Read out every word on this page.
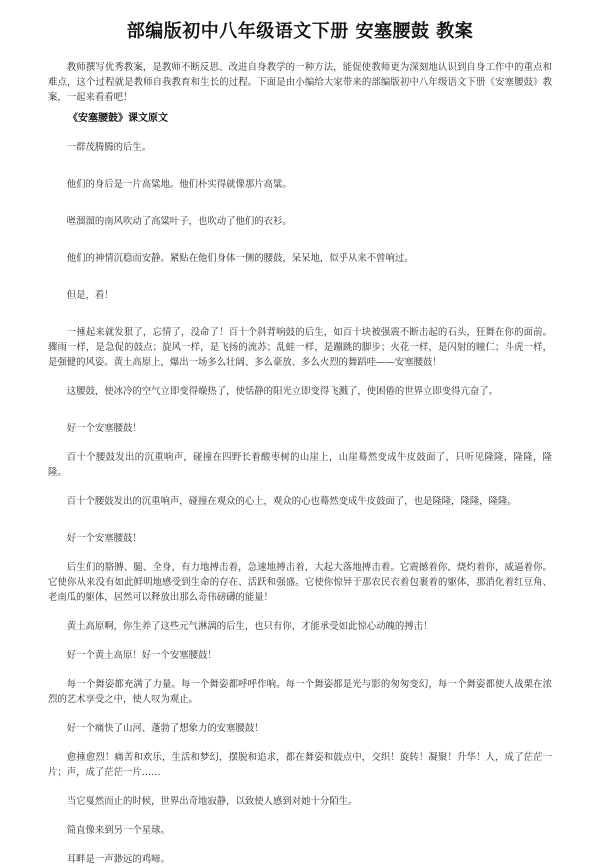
部编版初中八年级语文下册 安塞腰鼓 教案

教师撰写优秀教案，是教师不断反思、改进自身教学的一种方法，能促使教师更为深刻地认识到自身工作中的重点和难点，这个过程就是教师自我教育和生长的过程。下面是由小编给大家带来的部编版初中八年级语文下册《安塞腰鼓》教案，一起来看看吧！

《安塞腰鼓》课文原文

一群茂腾腾的后生。

他们的身后是一片高粱地。他们朴实得就像那片高粱。

咝溜溜的南风吹动了高粱叶子，也吹动了他们的衣衫。

他们的神情沉稳而安静。紧贴在他们身体一侧的腰鼓，呆呆地，似乎从来不曾响过。

但是，看！

一捶起来就发狠了，忘情了，没命了！百十个斜背响鼓的后生，如百十块被强震不断击起的石头，狂舞在你的面前。骤雨一样，是急促的鼓点；旋风一样，是飞扬的流苏；乱蛙一样，是蹦跳的脚步；火花一样，是闪射的瞳仁；斗虎一样，是强健的风姿。黄土高原上，爆出一场多么壮阔、多么豪放、多么火烈的舞蹈哇——安塞腰鼓！

这腰鼓，使冰冷的空气立即变得燥热了，使恬静的阳光立即变得飞溅了，使困倦的世界立即变得亢奋了。

好一个安塞腰鼓！

百十个腰鼓发出的沉重响声，碰撞在四野长着酸枣树的山崖上，山崖蓦然变成牛皮鼓面了，只听见隆隆，隆隆，隆隆。

百十个腰鼓发出的沉重响声，碰撞在观众的心上，观众的心也蓦然变成牛皮鼓面了，也是隆隆，隆隆，隆隆。

好一个安塞腰鼓！

后生们的胳膊、腿、全身，有力地搏击着，急速地搏击着，大起大落地搏击着。它震撼着你，烧灼着你，威逼着你。它使你从来没有如此鲜明地感受到生命的存在、活跃和强盛。它使你惊异于那农民衣着包裹着的躯体，那消化着红豆角、老南瓜的躯体，居然可以释放出那么奇伟磅礴的能量！

黄土高原啊，你生养了这些元气淋漓的后生，也只有你，才能承受如此惊心动魄的搏击！

好一个黄土高原！好一个安塞腰鼓！

每一个舞姿都充满了力量。每一个舞姿都呼呼作响。每一个舞姿都是光与影的匆匆变幻，每一个舞姿都使人战栗在浓烈的艺术享受之中，使人叹为观止。

好一个痛快了山河、蓬勃了想象力的安塞腰鼓！

愈捶愈烈！痛苦和欢乐，生活和梦幻，摆脱和追求，都在舞姿和鼓点中，交织！旋转！凝聚！升华！人，成了茫茫一片；声，成了茫茫一片……

当它戛然而止的时候，世界出奇地寂静，以致使人感到对她十分陌生。

简直像来到另一个星球。

耳畔是一声渺远的鸡啼。
